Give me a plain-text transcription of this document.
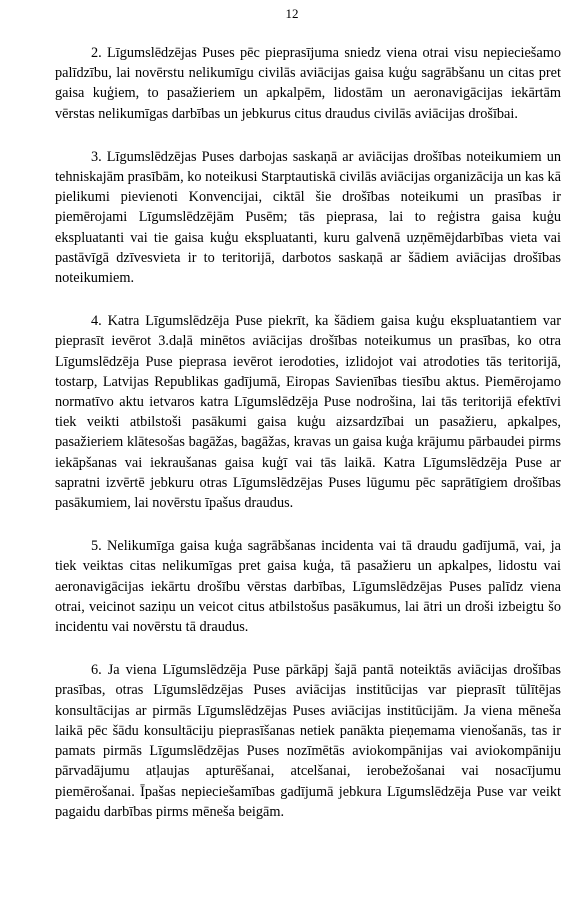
12

2. Līgumslēdzējas Puses pēc pieprasījuma sniedz viena otrai visu nepieciešamo palīdzību, lai novērstu nelikumīgu civilās aviācijas gaisa kuģu sagrābšanu un citas pret gaisa kuģiem, to pasažieriem un apkalpēm, lidostām un aeronavigācijas iekārtām vērstas nelikumīgas darbības un jebkurus citus draudus civilās aviācijas drošībai.

3. Līgumslēdzējas Puses darbojas saskaņā ar aviācijas drošības noteikumiem un tehniskajām prasībām, ko noteikusi Starptautiskā civilās aviācijas organizācija un kas kā pielikumi pievienoti Konvencijai, ciktāl šie drošības noteikumi un prasības ir piemērojami Līgumslēdzējām Pusēm; tās pieprasa, lai to reģistra gaisa kuģu ekspluatanti vai tie gaisa kuģu ekspluatanti, kuru galvenā uzņēmējdarbības vieta vai pastāvīgā dzīvesvieta ir to teritorijā, darbotos saskaņā ar šādiem aviācijas drošības noteikumiem.

4. Katra Līgumslēdzēja Puse piekrīt, ka šādiem gaisa kuģu ekspluatantiem var pieprasīt ievērot 3.daļā minētos aviācijas drošības noteikumus un prasības, ko otra Līgumslēdzēja Puse pieprasa ievērot ierodoties, izlidojot vai atrodoties tās teritorijā, tostarp, Latvijas Republikas gadījumā, Eiropas Savienības tiesību aktus. Piemērojamo normatīvo aktu ietvaros katra Līgumslēdzēja Puse nodrošina, lai tās teritorijā efektīvi tiek veikti atbilstoši pasākumi gaisa kuģu aizsardzībai un pasažieru, apkalpes, pasažieriem klātesošas bagāžas, bagāžas, kravas un gaisa kuģa krājumu pārbaudei pirms iekāpšanas vai iekraušanas gaisa kuģī vai tās laikā. Katra Līgumslēdzēja Puse ar sapratni izvērtē jebkuru otras Līgumslēdzējas Puses lūgumu pēc saprātīgiem drošības pasākumiem, lai novērstu īpašus draudus.

5. Nelikumīga gaisa kuģa sagrābšanas incidenta vai tā draudu gadījumā, vai, ja tiek veiktas citas nelikumīgas pret gaisa kuģa, tā pasažieru un apkalpes, lidostu vai aeronavigācijas iekārtu drošību vērstas darbības, Līgumslēdzējas Puses palīdz viena otrai, veicinot saziņu un veicot citus atbilstošus pasākumus, lai ātri un droši izbeigtu šo incidentu vai novērstu tā draudus.

6. Ja viena Līgumslēdzēja Puse pārkāpj šajā pantā noteiktās aviācijas drošības prasības, otras Līgumslēdzējas Puses aviācijas institūcijas var pieprasīt tūlītējas konsultācijas ar pirmās Līgumslēdzējas Puses aviācijas institūcijām. Ja viena mēneša laikā pēc šādu konsultāciju pieprasīšanas netiek panākta pieņemama vienošanās, tas ir pamats pirmās Līgumslēdzējas Puses nozīmētās aviokompānijas vai aviokompāniju pārvadājumu atļaujas apturēšanai, atcelšanai, ierobežošanai vai nosacījumu piemērošanai. Īpašas nepieciešamības gadījumā jebkura Līgumslēdzēja Puse var veikt pagaidu darbības pirms mēneša beigām.
